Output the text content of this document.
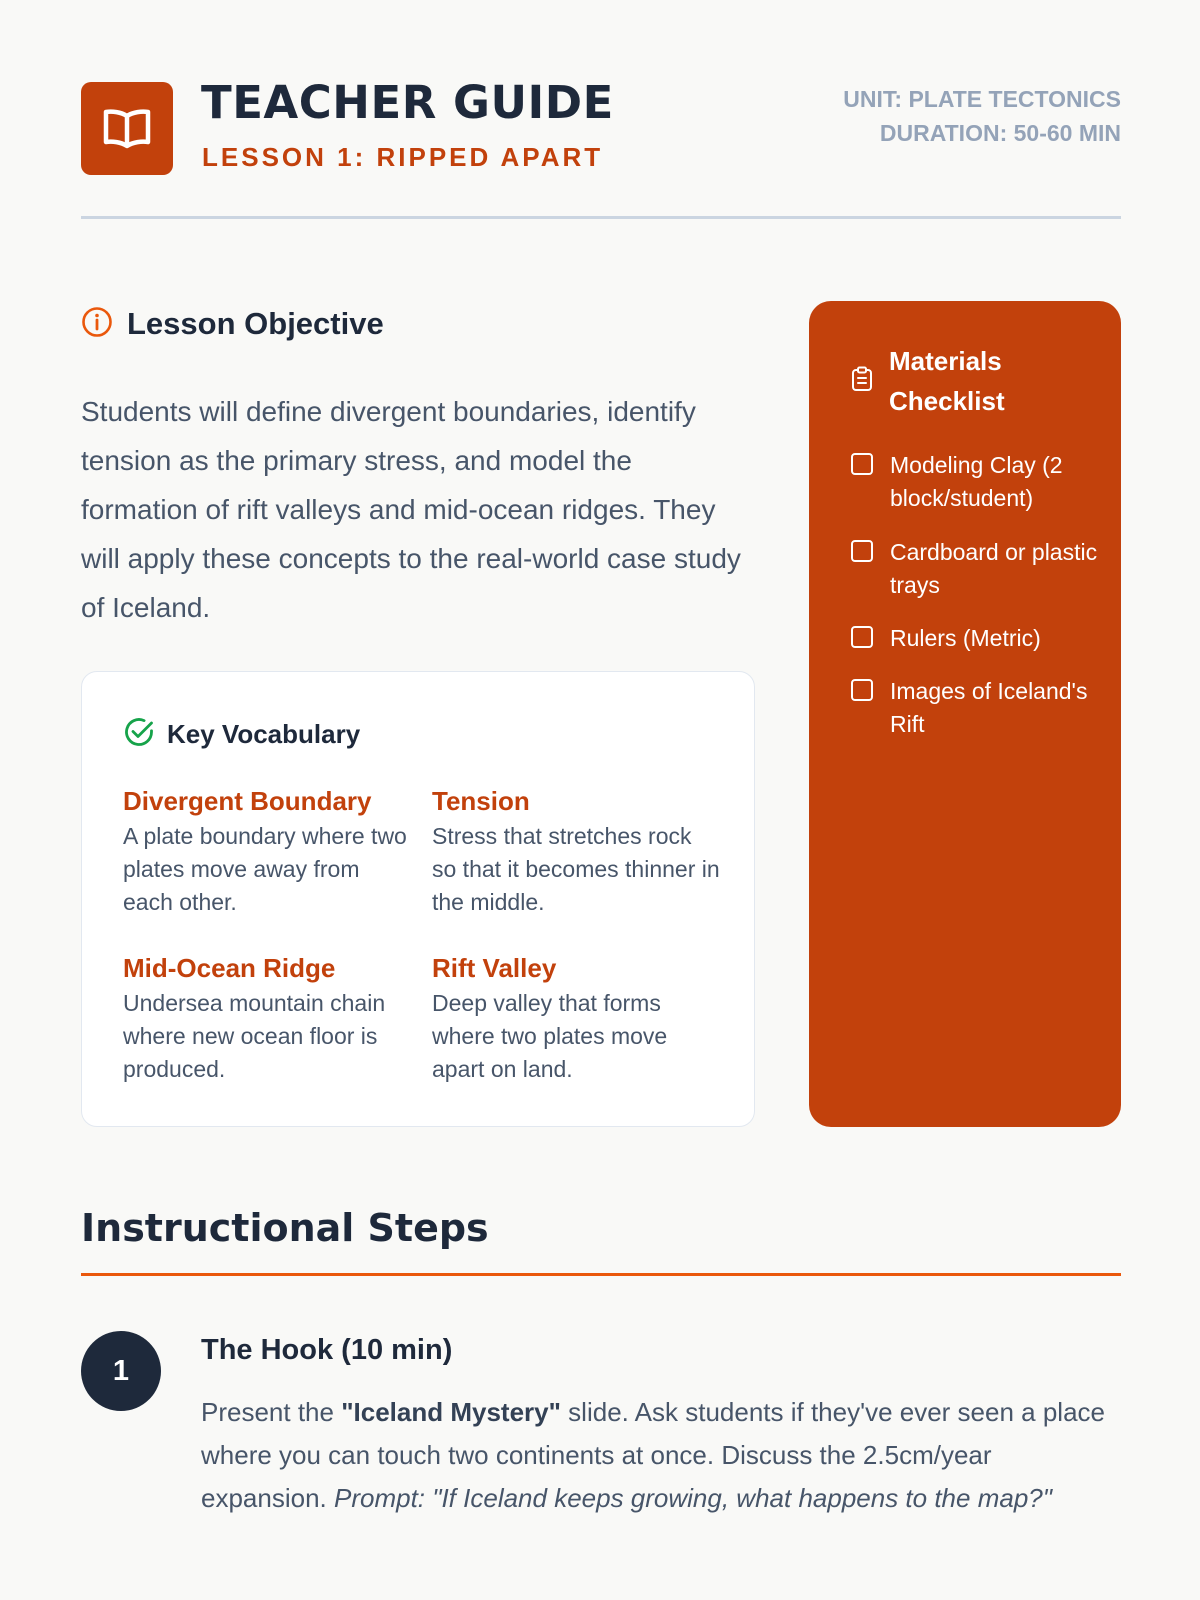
TEACHER GUIDE
LESSON 1: RIPPED APART
UNIT: PLATE TECTONICS
DURATION: 50-60 MIN
Lesson Objective

Students will define divergent boundaries, identify tension as the primary stress, and model the formation of rift valleys and mid-ocean ridges. They will apply these concepts to the real-world case study of Iceland.

Key Vocabulary
Divergent Boundary
A plate boundary where two plates move away from each other.
Tension
Stress that stretches rock so that it becomes thinner in the middle.
Mid-Ocean Ridge
Undersea mountain chain where new ocean floor is produced.
Rift Valley
Deep valley that forms where two plates move apart on land.
Materials Checklist
Modeling Clay (2 block/student)
Cardboard or plastic trays
Rulers (Metric)
Images of Iceland's Rift
Instructional Steps
1
The Hook (10 min)

Present the "Iceland Mystery" slide. Ask students if they've ever seen a place where you can touch two continents at once. Discuss the 2.5cm/year expansion. Prompt: "If Iceland keeps growing, what happens to the map?"
